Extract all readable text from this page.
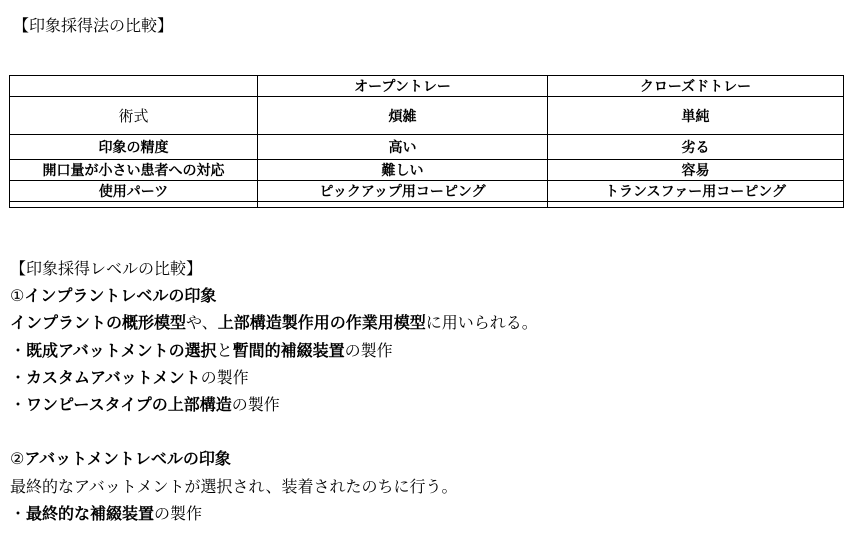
【印象採得法の比較】
	オープントレー	クローズドトレー
術式	煩雑	単純
印象の精度	高い	劣る
開口量が小さい患者への対応	難しい	容易
使用パーツ	ピックアップ用コーピング	トランスファー用コーピング

【印象採得レベルの比較】
①インプラントレベルの印象
インプラントの概形模型や、上部構造製作用の作業用模型に用いられる。
・既成アバットメントの選択と暫間的補綴装置の製作
・カスタムアバットメントの製作
・ワンピースタイプの上部構造の製作

②アバットメントレベルの印象
最終的なアバットメントが選択され、装着されたのちに行う。
・最終的な補綴装置の製作
